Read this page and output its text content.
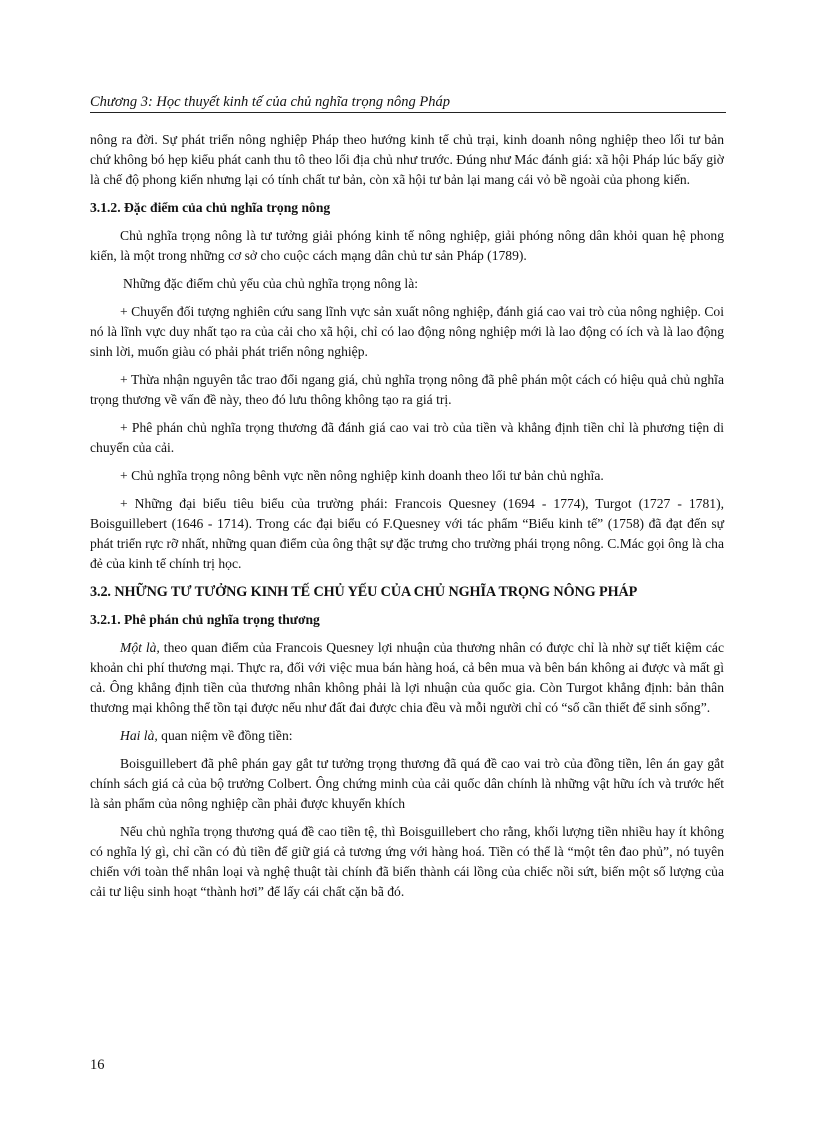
Chương 3: Học thuyết kinh tế của chủ nghĩa trọng nông Pháp

nông ra đời. Sự phát triển nông nghiệp Pháp theo hướng kinh tế chủ trại, kinh doanh nông nghiệp theo lối tư bản chứ không bó hẹp kiểu phát canh thu tô theo lối địa chủ như trước. Đúng như Mác đánh giá: xã hội Pháp lúc bấy giờ là chế độ phong kiến nhưng lại có tính chất tư bản, còn xã hội tư bản lại mang cái vỏ bề ngoài của phong kiến.

3.1.2. Đặc điểm của chủ nghĩa trọng nông

Chủ nghĩa trọng nông là tư tưởng giải phóng kinh tế nông nghiệp, giải phóng nông dân khỏi quan hệ phong kiến, là một trong những cơ sở cho cuộc cách mạng dân chủ tư sản Pháp (1789).

Những đặc điểm chủ yếu của chủ nghĩa trọng nông là:

+ Chuyển đối tượng nghiên cứu sang lĩnh vực sản xuất nông nghiệp, đánh giá cao vai trò của nông nghiệp. Coi nó là lĩnh vực duy nhất tạo ra của cải cho xã hội, chỉ có lao động nông nghiệp mới là lao động có ích và là lao động sinh lời, muốn giàu có phải phát triển nông nghiệp.

+ Thừa nhận nguyên tắc trao đổi ngang giá, chủ nghĩa trọng nông đã phê phán một cách có hiệu quả chủ nghĩa trọng thương về vấn đề này, theo đó lưu thông không tạo ra giá trị.

+ Phê phán chủ nghĩa trọng thương đã đánh giá cao vai trò của tiền và khẳng định tiền chỉ là phương tiện di chuyển của cải.

+ Chủ nghĩa trọng nông bênh vực nền nông nghiệp kinh doanh theo lối tư bản chủ nghĩa.

+ Những đại biểu tiêu biểu của trường phái: Francois Quesney (1694 - 1774), Turgot (1727 - 1781), Boisguillebert (1646 - 1714). Trong các đại biểu có F.Quesney với tác phẩm “Biểu kinh tế” (1758) đã đạt đến sự phát triển rực rỡ nhất, những quan điểm của ông thật sự đặc trưng cho trường phái trọng nông. C.Mác gọi ông là cha đẻ của kinh tế chính trị học.

3.2. NHỮNG TƯ TƯỞNG KINH TẾ CHỦ YẾU CỦA CHỦ NGHĨA TRỌNG NÔNG PHÁP
3.2.1. Phê phán chủ nghĩa trọng thương

Một là, theo quan điểm của Francois Quesney lợi nhuận của thương nhân có được chỉ là nhờ sự tiết kiệm các khoản chi phí thương mại. Thực ra, đối với việc mua bán hàng hoá, cả bên mua và bên bán không ai được và mất gì cả. Ông khẳng định tiền của thương nhân không phải là lợi nhuận của quốc gia. Còn Turgot khẳng định: bản thân thương mại không thể tồn tại được nếu như đất đai được chia đều và mỗi người chỉ có “số cần thiết để sinh sống”.

Hai là, quan niệm về đồng tiền:

Boisguillebert đã phê phán gay gắt tư tưởng trọng thương đã quá đề cao vai trò của đồng tiền, lên án gay gắt chính sách giá cả của bộ trưởng Colbert. Ông chứng minh của cải quốc dân chính là những vật hữu ích và trước hết là sản phẩm của nông nghiệp cần phải được khuyến khích

Nếu chủ nghĩa trọng thương quá đề cao tiền tệ, thì Boisguillebert cho rằng, khối lượng tiền nhiều hay ít không có nghĩa lý gì, chỉ cần có đủ tiền để giữ giá cả tương ứng với hàng hoá. Tiền có thể là “một tên đao phủ”, nó tuyên chiến với toàn thể nhân loại và nghệ thuật tài chính đã biến thành cái lồng của chiếc nồi sứt, biến một số lượng của cải tư liệu sinh hoạt “thành hơi” để lấy cái chất cặn bã đó.

16
